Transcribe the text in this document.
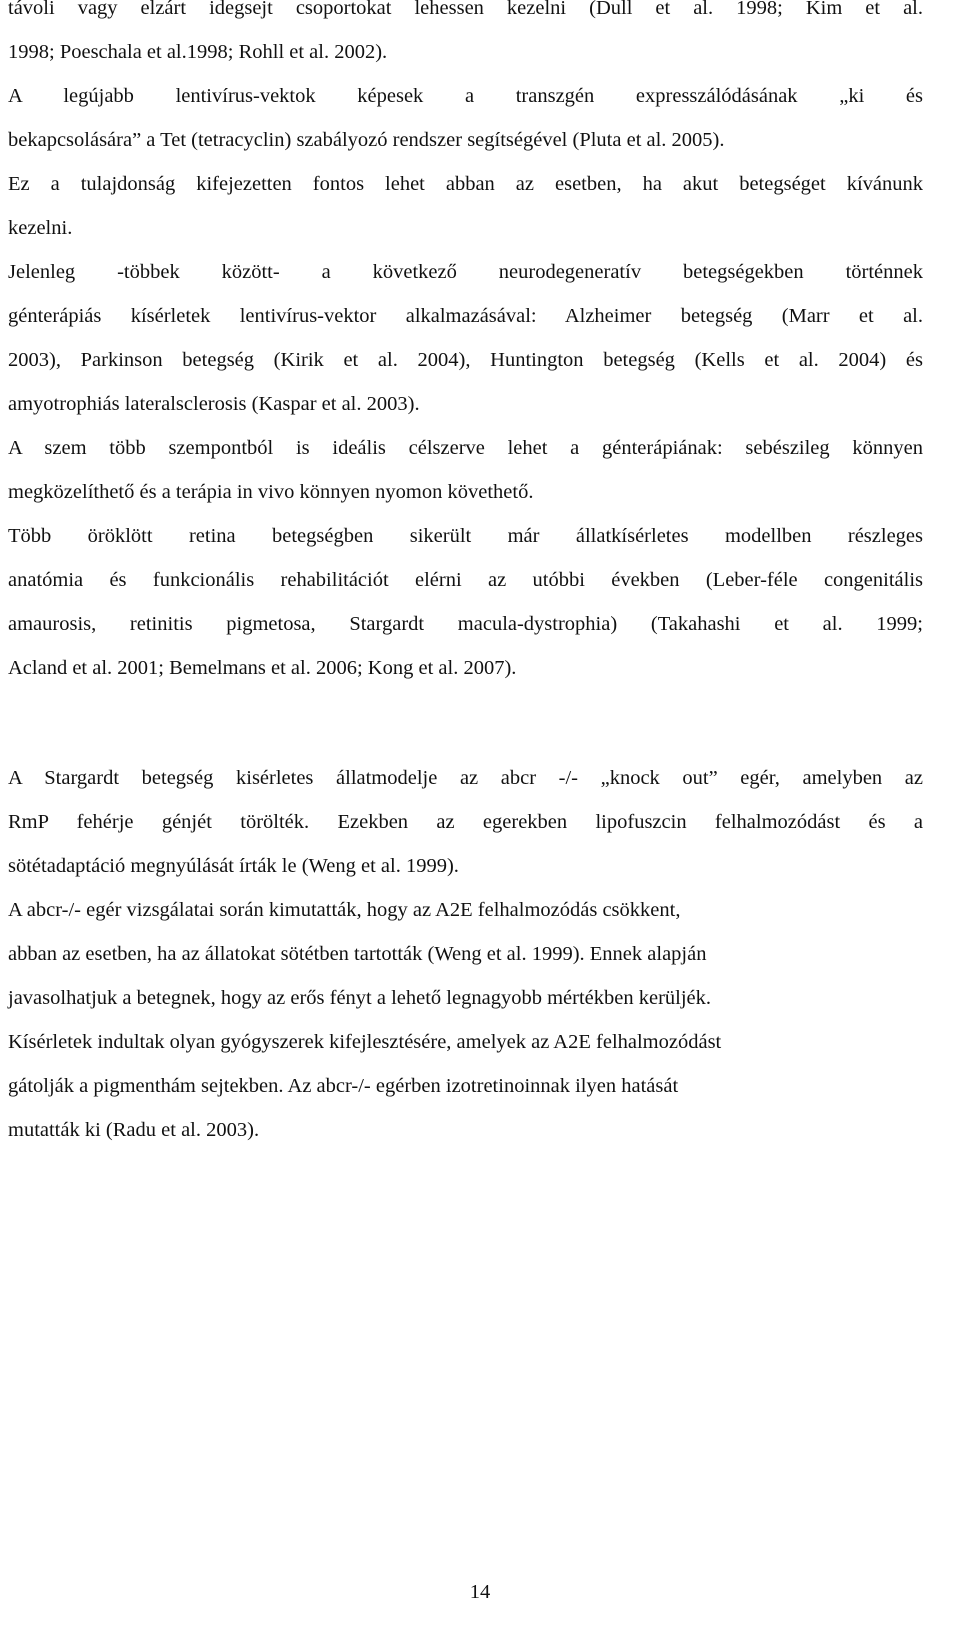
távoli vagy elzárt idegsejt csoportokat lehessen kezelni (Dull et al. 1998; Kim et al.
1998; Poeschala et al.1998; Rohll et al. 2002).
A legújabb lentivírus-vektok képesek a transzgén expresszálódásának „ki és
bekapcsolására” a Tet (tetracyclin) szabályozó rendszer segítségével (Pluta et al. 2005).
Ez a tulajdonság kifejezetten fontos lehet abban az esetben, ha akut betegséget kívánunk
kezelni.
Jelenleg -többek között- a következő neurodegeneratív betegségekben történnek
génterápiás kísérletek lentivírus-vektor alkalmazásával: Alzheimer betegség (Marr et al.
2003), Parkinson betegség (Kirik et al. 2004), Huntington betegség (Kells et al. 2004) és
amyotrophiás lateralsclerosis (Kaspar et al. 2003).
A szem több szempontból is ideális célszerve lehet a génterápiának: sebészileg könnyen
megközelíthető és a terápia in vivo könnyen nyomon követhető.
Több öröklött retina betegségben sikerült már állatkísérletes modellben részleges
anatómia és funkcionális rehabilitációt elérni az utóbbi években (Leber-féle congenitális
amaurosis, retinitis pigmetosa, Stargardt macula-dystrophia) (Takahashi et al. 1999;
Acland et al. 2001; Bemelmans et al. 2006; Kong et al. 2007).
A Stargardt betegség kisérletes állatmodelje az abcr -/- „knock out” egér, amelyben az
RmP fehérje génjét törölték. Ezekben az egerekben lipofuszcin felhalmozódást és a
sötétadaptáció megnyúlását írták le (Weng et al. 1999).
A abcr-/- egér vizsgálatai során kimutatták, hogy az A2E felhalmozódás csökkent,
abban az esetben, ha az állatokat sötétben tartották (Weng et al. 1999). Ennek alapján
javasolhatjuk a betegnek, hogy az erős fényt a lehető legnagyobb mértékben kerüljék.
Kísérletek indultak olyan gyógyszerek kifejlesztésére, amelyek az A2E felhalmozódást
gátolják a pigmenthám sejtekben. Az abcr-/- egérben izotretinoinnak ilyen hatását
mutatták ki (Radu et al. 2003).
14
